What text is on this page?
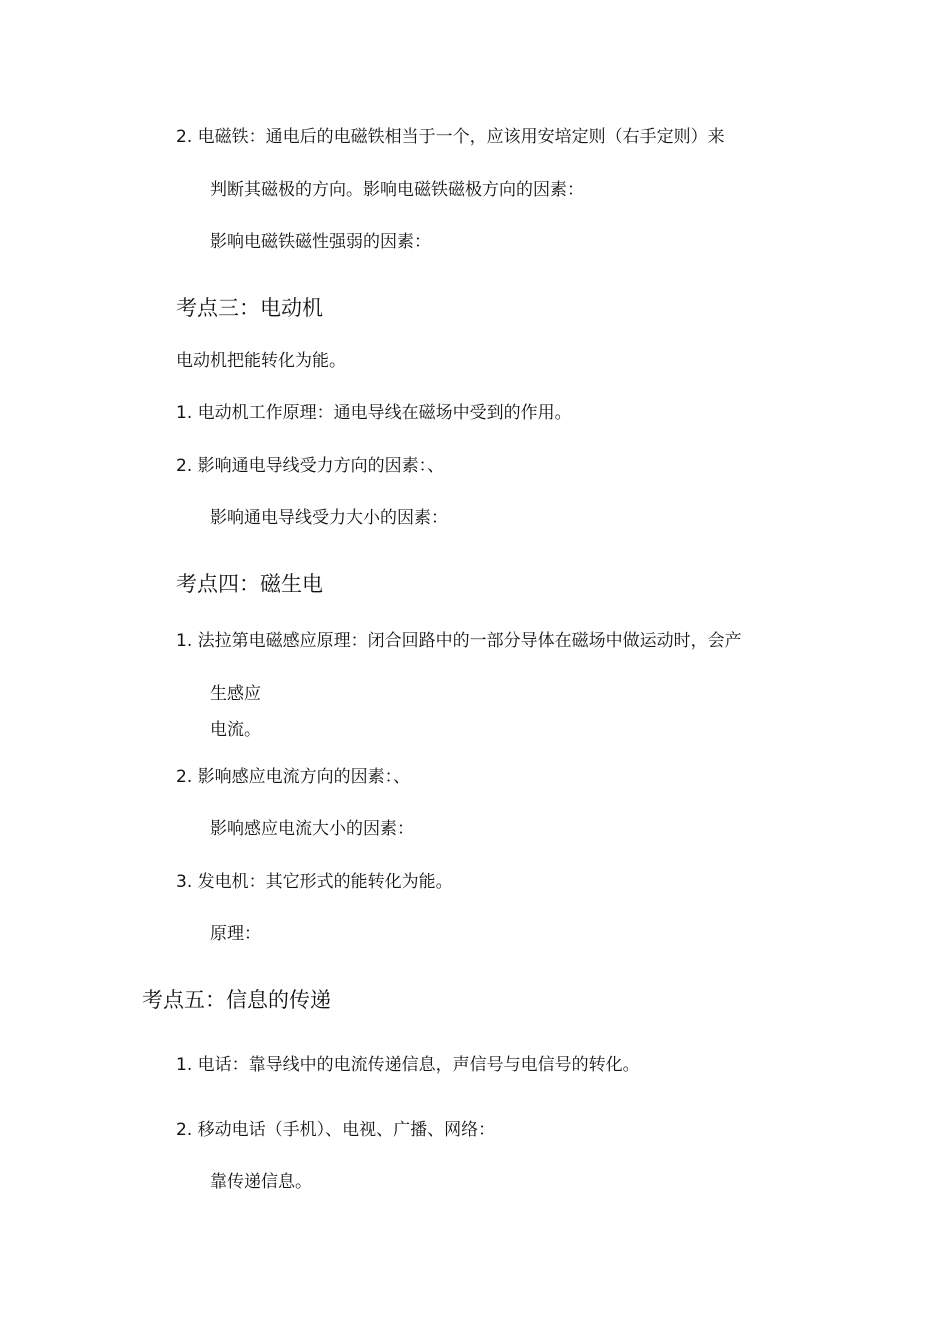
2. 电磁铁：通电后的电磁铁相当于一个，应该用安培定则（右手定则）来
判断其磁极的方向。影响电磁铁磁极方向的因素：
影响电磁铁磁性强弱的因素：
考点三：电动机
电动机把能转化为能。
1. 电动机工作原理：通电导线在磁场中受到的作用。
2. 影响通电导线受力方向的因素：、
影响通电导线受力大小的因素：
考点四：磁生电
1. 法拉第电磁感应原理：闭合回路中的一部分导体在磁场中做运动时，会产
生感应
电流。
2. 影响感应电流方向的因素：、
影响感应电流大小的因素：
3. 发电机：其它形式的能转化为能。
原理：
考点五：信息的传递
1. 电话：靠导线中的电流传递信息，声信号与电信号的转化。
2. 移动电话（手机）、电视、广播、网络：
靠传递信息。
